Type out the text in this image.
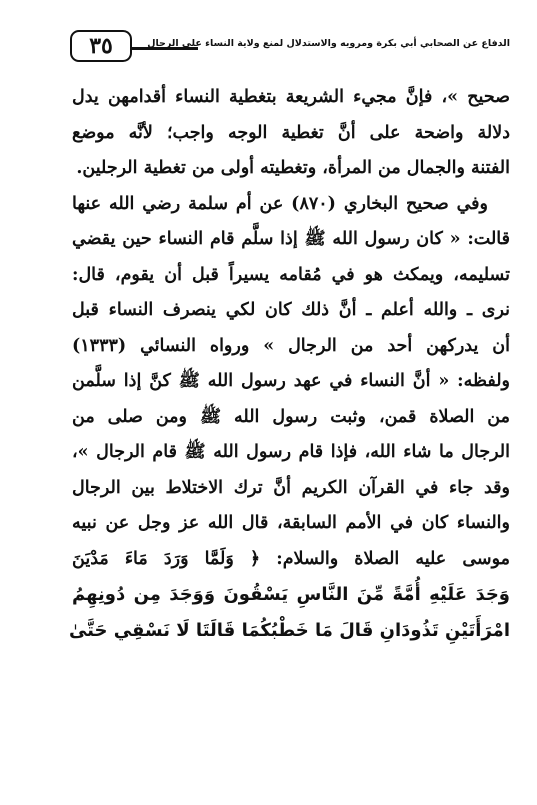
٣٥	الدفاع عن الصحابي أبي بكرة ومرويه والاستدلال لمنع ولاية النساء على الرجال
صحيح »، فإنَّ مجيء الشريعة بتغطية النساء أقدامهن يدل
دلالة واضحة على أنَّ تغطية الوجه واجب؛ لأنَّه موضع
الفتنة والجمال من المرأة، وتغطيته أولى من تغطية الرجلين.
وفي صحيح البخاري (٨٧٠) عن أم سلمة رضي الله عنها
قالت: « كان رسول الله ﷺ إذا سلَّم قام النساء حين يقضي
تسليمه، ويمكث هو في مُقامه يسيراً قبل أن يقوم، قال:
نرى ـ والله أعلم ـ أنَّ ذلك كان لكي ينصرف النساء قبل
أن يدركهن أحد من الرجال » ورواه النسائي (١٣٣٣)
ولفظه: « أنَّ النساء في عهد رسول الله ﷺ كنَّ إذا سلَّمن
من الصلاة قمن، وثبت رسول الله ﷺ ومن صلى من
الرجال ما شاء الله، فإذا قام رسول الله ﷺ قام الرجال »،
وقد جاء في القرآن الكريم أنَّ ترك الاختلاط بين الرجال
والنساء كان في الأمم السابقة، قال الله عز وجل عن نبيه
موسى عليه الصلاة والسلام: ﴿ وَلَمَّا وَرَدَ مَاءَ مَدْيَنَ
وَجَدَ عَلَيْهِ أُمَّةً مِّنَ النَّاسِ يَسْقُونَ وَوَجَدَ مِن دُونِهِمُ
امْرَأَتَيْنِ تَذُودَانِ قَالَ مَا خَطْبُكُمَا قَالَتَا لَا نَسْقِي حَتَّىٰ
